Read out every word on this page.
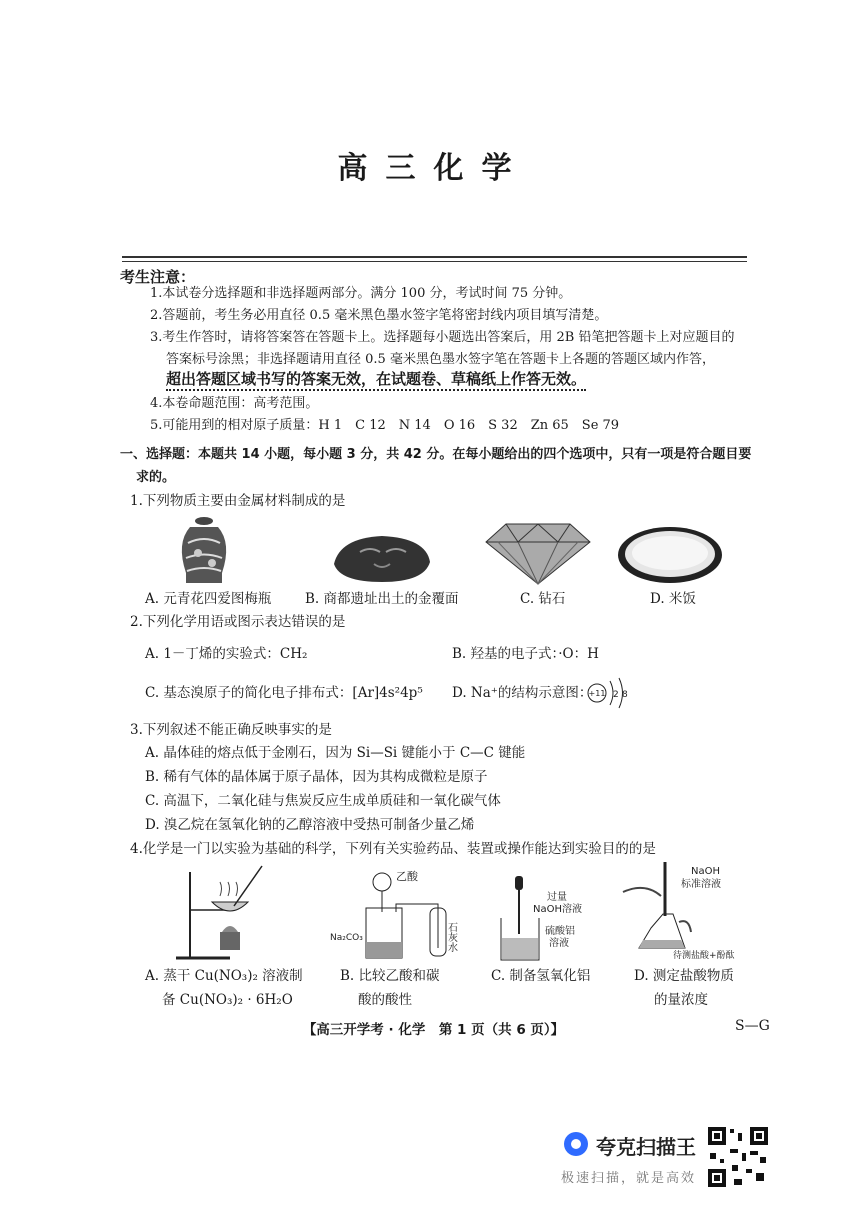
高三化学
考生注意：
1.本试卷分选择题和非选择题两部分。满分 100 分，考试时间 75 分钟。
2.答题前，考生务必用直径 0.5 毫米黑色墨水签字笔将密封线内项目填写清楚。
3.考生作答时，请将答案答在答题卡上。选择题每小题选出答案后，用 2B 铅笔把答题卡上对应题目的
答案标号涂黑；非选择题请用直径 0.5 毫米黑色墨水签字笔在答题卡上各题的答题区域内作答，
超出答题区域书写的答案无效，在试题卷、草稿纸上作答无效。
4.本卷命题范围：高考范围。
5.可能用到的相对原子质量：H 1　C 12　N 14　O 16　S 32　Zn 65　Se 79
一、选择题：本题共 14 小题，每小题 3 分，共 42 分。在每小题给出的四个选项中，只有一项是符合题目要
求的。
1.下列物质主要由金属材料制成的是
A. 元青花四爱图梅瓶 B. 商都遗址出土的金覆面	C. 钻石	D. 米饭
2.下列化学用语或图示表达错误的是
A. 1－丁烯的实验式：CH₂	B. 羟基的电子式：·O：H
C. 基态溴原子的简化电子排布式：[Ar]4s²4p⁵ D. Na⁺的结构示意图：
+11 2 8
3.下列叙述不能正确反映事实的是
A. 晶体硅的熔点低于金刚石，因为 Si—Si 键能小于 C—C 键能
B. 稀有气体的晶体属于原子晶体，因为其构成微粒是原子
C. 高温下，二氧化硅与焦炭反应生成单质硅和一氧化碳气体
D. 溴乙烷在氢氧化钠的乙醇溶液中受热可制备少量乙烯
4.化学是一门以实验为基础的科学，下列有关实验药品、装置或操作能达到实验目的的是
乙酸
Na₂CO₃	石灰水
过量
NaOH溶液
硫酸铝
溶液
NaOH
标准溶液
待测盐酸+酚酞
A. 蒸干 Cu(NO₃)₂ 溶液制
备 Cu(NO₃)₂ · 6H₂O
B. 比较乙酸和碳
酸的酸性
C. 制备氢氧化铝	D. 测定盐酸物质
的量浓度
【高三开学考 · 化学　第 1 页（共 6 页）】	S—G
夸克扫描王
极速扫描，就是高效
